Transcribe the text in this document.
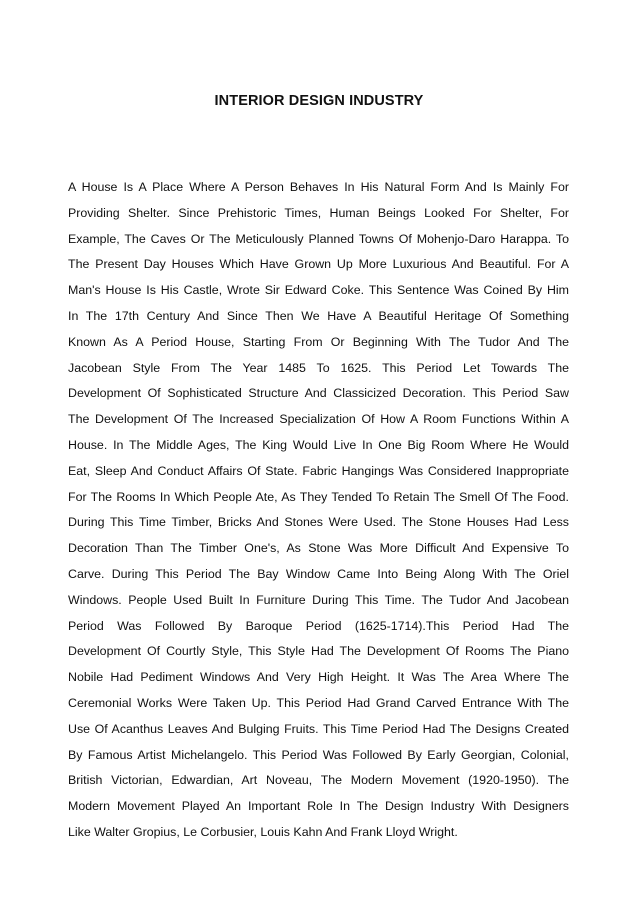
INTERIOR DESIGN INDUSTRY
A House Is A Place Where A Person Behaves In His Natural Form And Is Mainly For
Providing Shelter. Since Prehistoric Times, Human Beings Looked For Shelter, For
Example, The Caves Or The Meticulously Planned Towns Of Mohenjo-Daro Harappa. To
The Present Day Houses Which Have Grown Up More Luxurious And Beautiful. For A
Man's House Is His Castle, Wrote Sir Edward Coke. This Sentence Was Coined By Him
In The 17th Century And Since Then We Have A Beautiful Heritage Of Something
Known As A Period House, Starting From Or Beginning With The Tudor And The
Jacobean Style From The Year 1485 To 1625. This Period Let Towards The
Development Of Sophisticated Structure And Classicized Decoration. This Period Saw
The Development Of The Increased Specialization Of How A Room Functions Within A
House. In The Middle Ages, The King Would Live In One Big Room Where He Would
Eat, Sleep And Conduct Affairs Of State. Fabric Hangings Was Considered Inappropriate
For The Rooms In Which People Ate, As They Tended To Retain The Smell Of The Food.
During This Time Timber, Bricks And Stones Were Used. The Stone Houses Had Less
Decoration Than The Timber One's, As Stone Was More Difficult And Expensive To
Carve. During This Period The Bay Window Came Into Being Along With The Oriel
Windows. People Used Built In Furniture During This Time. The Tudor And Jacobean
Period Was Followed By Baroque Period (1625-1714).This Period Had The
Development Of Courtly Style, This Style Had The Development Of Rooms The Piano
Nobile Had Pediment Windows And Very High Height. It Was The Area Where The
Ceremonial Works Were Taken Up. This Period Had Grand Carved Entrance With The
Use Of Acanthus Leaves And Bulging Fruits. This Time Period Had The Designs Created
By Famous Artist Michelangelo. This Period Was Followed By Early Georgian, Colonial,
British Victorian, Edwardian, Art Noveau, The Modern Movement (1920-1950). The
Modern Movement Played An Important Role In The Design Industry With Designers
Like Walter Gropius, Le Corbusier, Louis Kahn And Frank Lloyd Wright.
